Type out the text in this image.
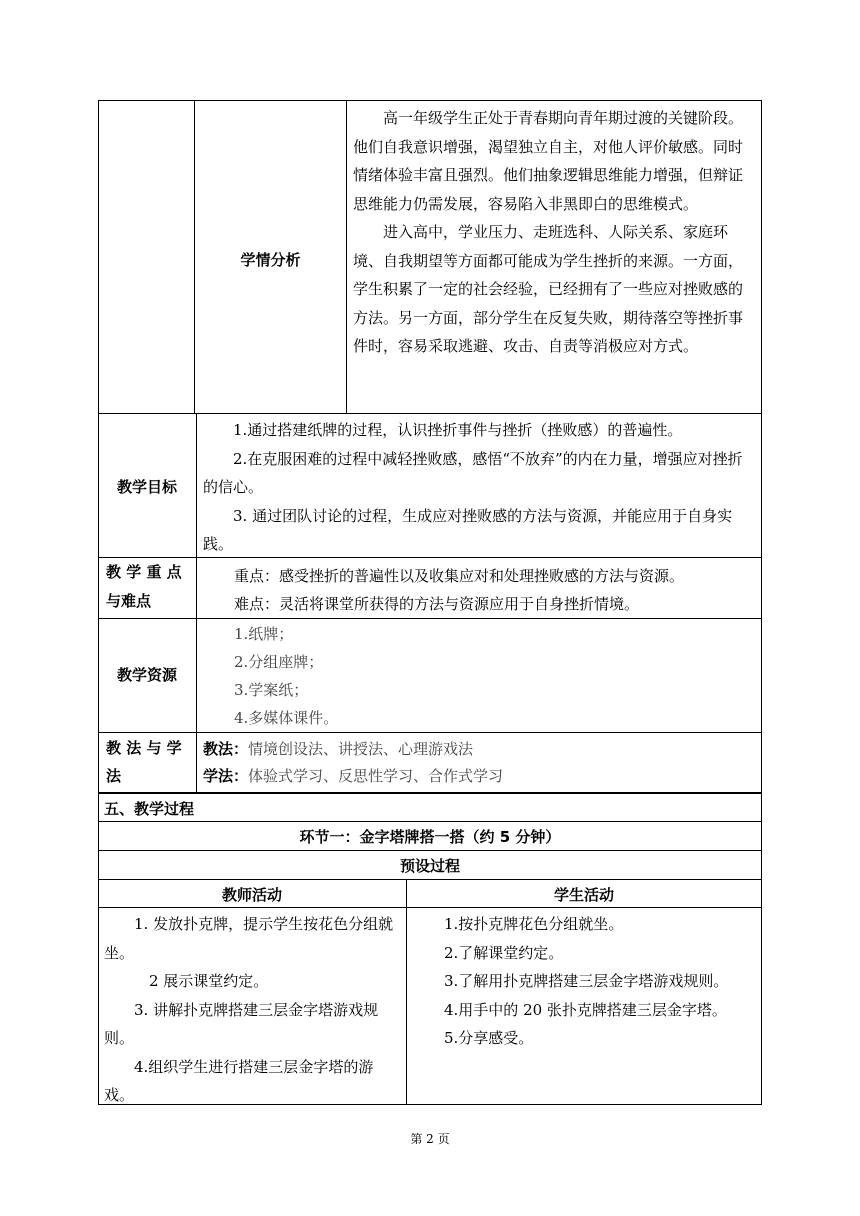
学情分析

高一年级学生正处于青春期向青年期过渡的关键阶段。他们自我意识增强，渴望独立自主，对他人评价敏感。同时情绪体验丰富且强烈。他们抽象逻辑思维能力增强，但辩证思维能力仍需发展，容易陷入非黑即白的思维模式。

进入高中，学业压力、走班选科、人际关系、家庭环境、自我期望等方面都可能成为学生挫折的来源。一方面，学生积累了一定的社会经验，已经拥有了一些应对挫败感的方法。另一方面，部分学生在反复失败，期待落空等挫折事件时，容易采取逃避、攻击、自责等消极应对方式。

教学目标

1.通过搭建纸牌的过程，认识挫折事件与挫折（挫败感）的普遍性。

2.在克服困难的过程中减轻挫败感，感悟“不放弃”的内在力量，增强应对挫折的信心。

3. 通过团队讨论的过程，生成应对挫败感的方法与资源，并能应用于自身实践。

教 学 重 点
与难点
重点：感受挫折的普遍性以及收集应对和处理挫败感的方法与资源。
难点：灵活将课堂所获得的方法与资源应用于自身挫折情境。
教学资源
1.纸牌；
2.分组座牌；
3.学案纸；
4.多媒体课件。
教 法 与 学
法
教法：情境创设法、讲授法、心理游戏法
学法：体验式学习、反思性学习、合作式学习
五、教学过程
环节一：金字塔牌搭一搭（约 5 分钟）
预设过程
教师活动	学生活动

1. 发放扑克牌，提示学生按花色分组就坐。

2 展示课堂约定。

3. 讲解扑克牌搭建三层金字塔游戏规则。

4.组织学生进行搭建三层金字塔的游戏。

1.按扑克牌花色分组就坐。

2.了解课堂约定。

3.了解用扑克牌搭建三层金字塔游戏规则。

4.用手中的 20 张扑克牌搭建三层金字塔。

5.分享感受。

第 2 页
